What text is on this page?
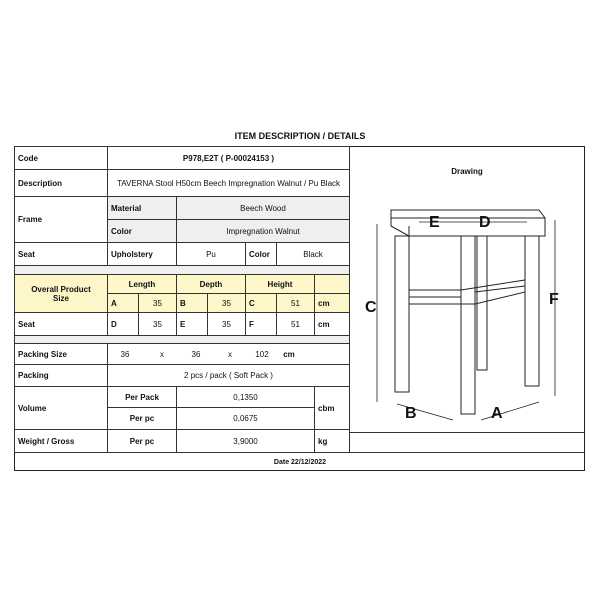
ITEM DESCRIPTION / DETAILS
Code	P978,E2T ( P-00024153 )
Drawing
Description	TAVERNA Stool H50cm Beech Impregnation Walnut / Pu Black
Frame
Material	Beech Wood
Color	Impregnation Walnut
Seat	Upholstery	Pu	Color	Black
Overall Product Size
Length	Depth	Height
A	35	B	35	C	51	cm
Seat	D	35	E	35	F	51	cm
Packing Size	36	x	36	x	102	cm
Packing	2 pcs / pack ( Soft Pack )
Volume
Per Pack	0,1350
Per pc	0,0675
cbm
Weight / Gross	Per pc	3,9000	kg
Date 22/12/2022
E D
C	F
B	A
